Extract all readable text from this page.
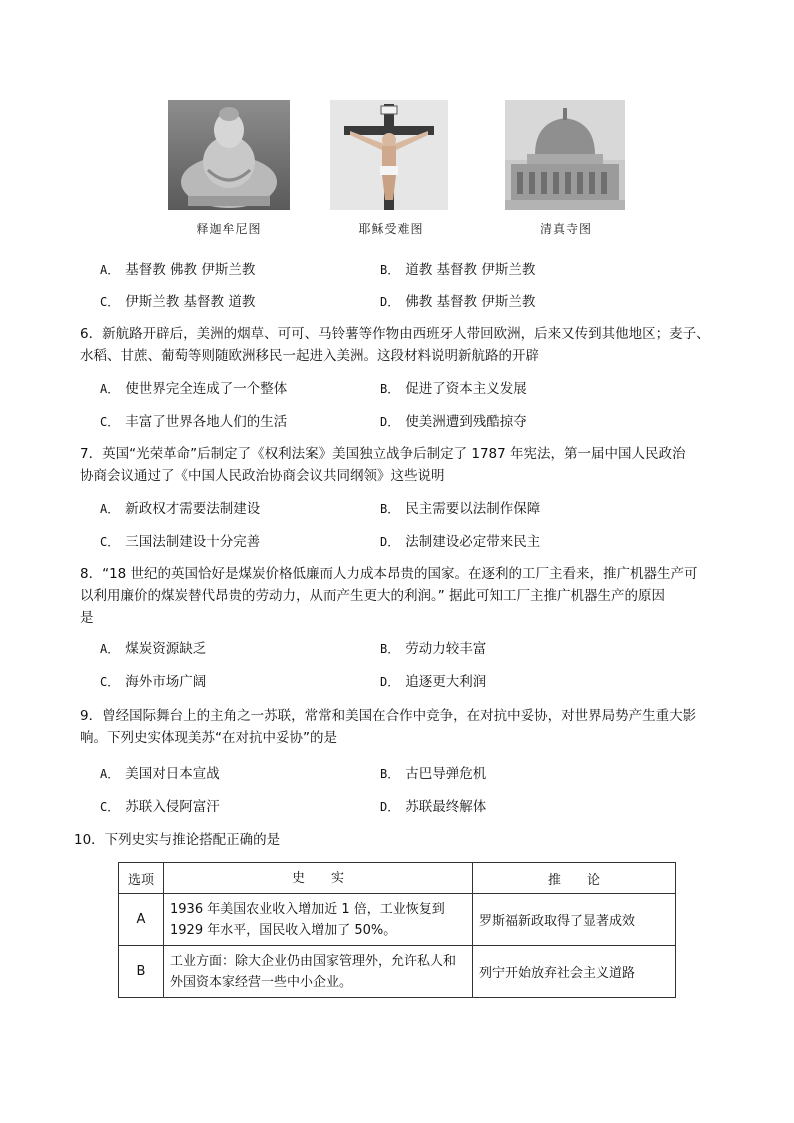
释迦牟尼图	耶稣受难图	清真寺图
A． 基督教 佛教 伊斯兰教	B． 道教 基督教 伊斯兰教
C． 伊斯兰教 基督教 道教	D． 佛教 基督教 伊斯兰教
6．新航路开辟后，美洲的烟草、可可、马铃薯等作物由西班牙人带回欧洲，后来又传到其他地区；麦子、
水稻、甘蔗、葡萄等则随欧洲移民一起进入美洲。这段材料说明新航路的开辟
A． 使世界完全连成了一个整体	B． 促进了资本主义发展
C． 丰富了世界各地人们的生活	D． 使美洲遭到残酷掠夺
7．英国“光荣革命”后制定了《权利法案》美国独立战争后制定了 1787 年宪法，第一届中国人民政治
协商会议通过了《中国人民政治协商会议共同纲领》这些说明
A． 新政权才需要法制建设	B． 民主需要以法制作保障
C． 三国法制建设十分完善	D． 法制建设必定带来民主
8．“18 世纪的英国恰好是煤炭价格低廉而人力成本昂贵的国家。在逐利的工厂主看来，推广机器生产可
以利用廉价的煤炭替代昂贵的劳动力，从而产生更大的利润。” 据此可知工厂主推广机器生产的原因
是
A． 煤炭资源缺乏	B． 劳动力较丰富
C． 海外市场广阔	D． 追逐更大利润
9．曾经国际舞台上的主角之一苏联，常常和美国在合作中竞争，在对抗中妥协，对世界局势产生重大影
响。下列史实体现美苏“在对抗中妥协”的是
A． 美国对日本宣战	B． 古巴导弹危机
C． 苏联入侵阿富汗	D． 苏联最终解体
10．下列史实与推论搭配正确的是
选项	史　　实	推　　论
A	1936 年美国农业收入增加近 1 倍，工业恢复到 1929 年水平，国民收入增加了 50%。	罗斯福新政取得了显著成效
B	工业方面：除大企业仍由国家管理外，允许私人和外国资本家经营一些中小企业。	列宁开始放弃社会主义道路
